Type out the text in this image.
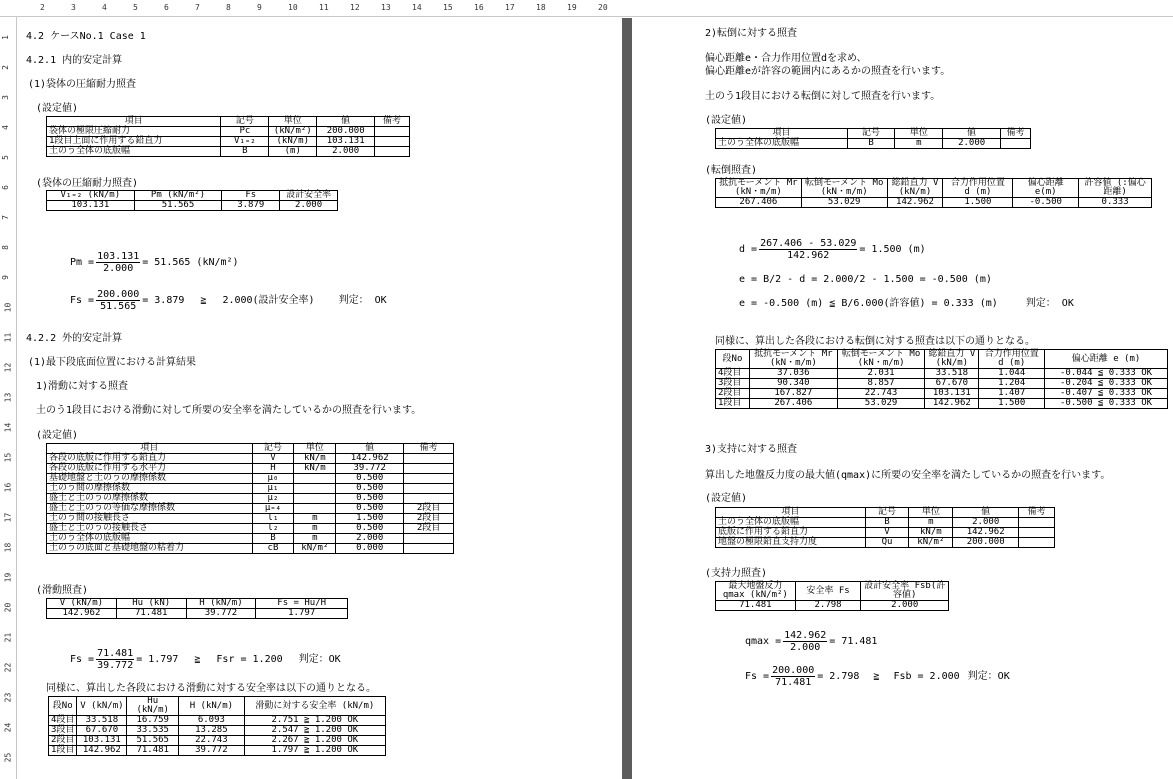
2	3	4	5	6	7	8	9	10	11	12	13	14	15	16	17	18	19	20
1
2
3
4
5
6
7
8
9
10
11
12
13
14
15
16
17
18
19
20
21
22
23
24
25
4.2 ケースNo.1 Case 1
4.2.1 内的安定計算
(1)袋体の圧縮耐力照査
(設定値)
項目	記号	単位	値	備考
袋体の極限圧縮耐力	Pc	(kN/m²)	200.000	
1段目上面に作用する鉛直力	V₁₌₂	(kN/m)	103.131	
土のう全体の底版幅	B	(m)	2.000	
(袋体の圧縮耐力照査)
V₁₌₂ (kN/m)	Pm (kN/m²)	Fs	設計安全率
103.131	51.565	3.879	2.000
$Pm = \frac{103.131}{2.000} = 51.565$ (kN/m²)
$Fs = \frac{200.000}{51.565} = 3.879$ ≧ 2.000(設計安全率) 判定： OK
4.2.2 外的安定計算
(1)最下段底面位置における計算結果
1)滑動に対する照査
土のう1段目における滑動に対して所要の安全率を満たしているかの照査を行います。
(設定値)
項目	記号	単位	値	備考
各段の底版に作用する鉛直力	V	kN/m	142.962	
各段の底版に作用する水平力	H	kN/m	39.772	
基礎地盤と土のうの摩擦係数	μ₀		0.500	
土のう間の摩擦係数	μ₁		0.500	
盛土と土のうの摩擦係数	μ₂		0.500	
盛土と土のうの等価な摩擦係数	μ₌₄		0.500	2段目
土のう間の接触長さ	l₁	m	1.500	2段目
盛土と土のうの接触長さ	l₂	m	0.500	2段目
土のう全体の底版幅	B	m	2.000	
土のうの底面と基礎地盤の粘着力	cB	kN/m²	0.000	
(滑動照査)
V (kN/m)	Hu (kN)	H (kN/m)	Fs = Hu/H
142.962	71.481	39.772	1.797
$Fs = \frac{71.481}{39.772} = 1.797$ ≧ Fsr = 1.200 判定：OK
同様に、算出した各段における滑動に対する安全率は以下の通りとなる。
段No	V (kN/m)	Hu (kN/m)	H (kN/m)	滑動に対する安全率 (kN/m)
4段目	33.518	16.759	6.093	2.751 ≧ 1.200 OK
3段目	67.670	33.535	13.285	2.547 ≧ 1.200 OK
2段目	103.131	51.565	22.743	2.267 ≧ 1.200 OK
1段目	142.962	71.481	39.772	1.797 ≧ 1.200 OK
2)転倒に対する照査
偏心距離e・合力作用位置dを求め、
偏心距離eが許容の範囲内にあるかの照査を行います。
土のう1段目における転倒に対して照査を行います。
(設定値)
項目	記号	単位	値	備考
土のう全体の底版幅	B	m	2.000	
(転倒照査)
抵抗モーメント Mr (kN・m/m)	転倒モーメント Mo (kN・m/m)	総鉛直力 V (kN/m)	合力作用位置 d (m)	偏心距離 e(m)	許容値 (:偏心距離)
267.406	53.029	142.962	1.500	-0.500	0.333
$d = \frac{267.406 - 53.029}{142.962} = 1.500$ (m)
e = B/2 - d = 2.000/2 - 1.500 = -0.500 (m)
e = -0.500 (m) ≦ B/6.000(許容値) = 0.333 (m)	判定： OK
同様に、算出した各段における転倒に対する照査は以下の通りとなる。
段No	抵抗モーメント Mr (kN・m/m)	転倒モーメント Mo (kN・m/m)	総鉛直力 V (kN/m)	合力作用位置 d (m)	偏心距離 e (m)
4段目	37.036	2.031	33.518	1.044	-0.044 ≦ 0.333 OK
3段目	90.340	8.857	67.670	1.204	-0.204 ≦ 0.333 OK
2段目	167.827	22.743	103.131	1.407	-0.407 ≦ 0.333 OK
1段目	267.406	53.029	142.962	1.500	-0.500 ≦ 0.333 OK
3)支持に対する照査
算出した地盤反力度の最大値(qmax)に所要の安全率を満たしているかの照査を行います。
(設定値)
項目	記号	単位	値	備考
土のう全体の底版幅	B	m	2.000	
底版に作用する鉛直力	V	kN/m	142.962	
地盤の極限鉛直支持力度	Qu	kN/m²	200.000	
(支持力照査)
最大地盤反力 qmax (kN/m²)	安全率 Fs	設計安全率 Fsb(許容値)
71.481	2.798	2.000
$qmax = \frac{142.962}{2.000} = 71.481$
$Fs = \frac{200.000}{71.481} = 2.798$ ≧ Fsb = 2.000 判定：OK
